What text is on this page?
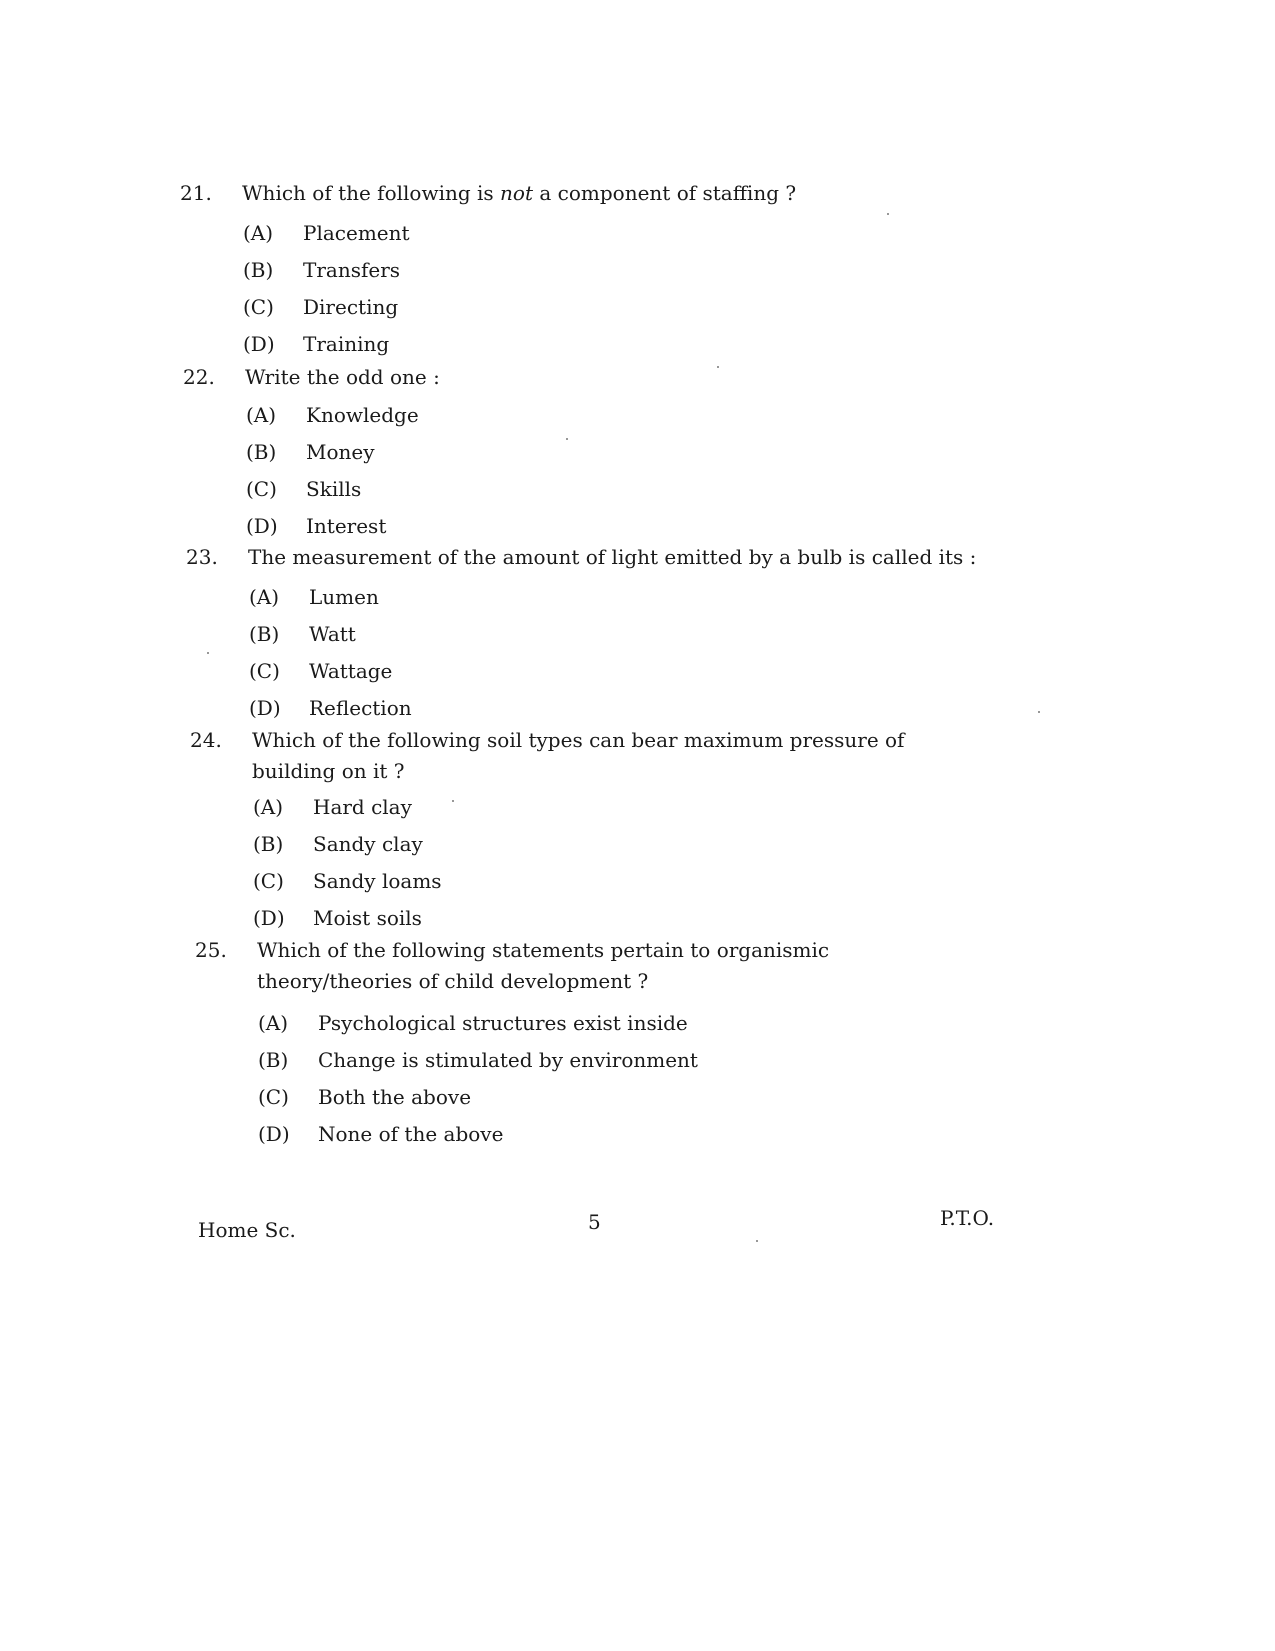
21.	Which of the following is not a component of staffing ?
(A)	Placement
(B)	Transfers
(C)	Directing
(D)	Training
22.	Write the odd one :
(A)	Knowledge
(B)	Money
(C)	Skills
(D)	Interest
23.	The measurement of the amount of light emitted by a bulb is called its :
(A)	Lumen
(B)	Watt
(C)	Wattage
(D)	Reflection
24.	Which of the following soil types can bear maximum pressure of building on it ?
(A)	Hard clay
(B)	Sandy clay
(C)	Sandy loams
(D)	Moist soils
25.	Which of the following statements pertain to organismic theory/theories of child development ?
(A)	Psychological structures exist inside
(B)	Change is stimulated by environment
(C)	Both the above
(D)	None of the above
Home Sc.	5	P.T.O.
